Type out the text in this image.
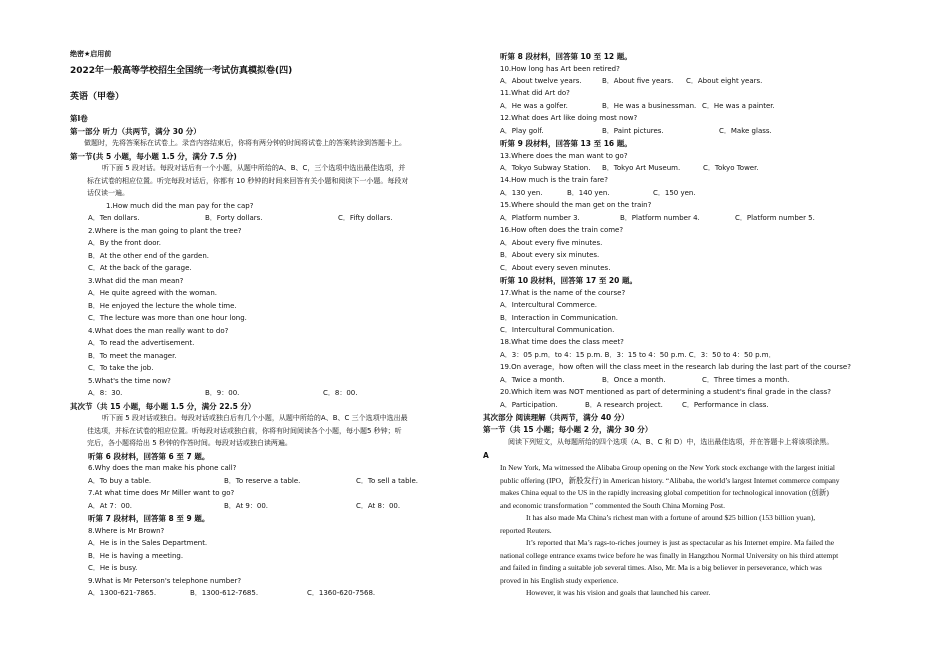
绝密★启用前
2022年一般高等学校招生全国统一考试仿真模拟卷(四)
英语（甲卷）
第Ⅰ卷
第一部分 听力（共两节，满分 30 分）
做题时，先将答案标在试卷上。录音内容结束后，你将有两分钟的时间将试卷上的答案转涂到答题卡上。
第一节(共 5 小题，每小题 1.5 分，满分 7.5 分)
听下面 5 段对话。每段对话后有一个小题，从题中所给的A、B、C，三个选项中选出最佳选项，并
标在试卷的相应位置。听完每段对话后，你都有 10 秒钟的时间来回答有关小题和阅读下一小题。每段对
话仅读一遍。
1.How much did the man pay for the cap?
A．Ten dollars.	B．Forty dollars.	C．Fifty dollars.
2.Where is the man going to plant the tree?
A．By the front door.
B．At the other end of the garden.
C．At the back of the garage.
3.What did the man mean?
A．He quite agreed with the woman.
B．He enjoyed the lecture the whole time.
C．The lecture was more than one hour long.
4.What does the man really want to do?
A．To read the advertisement.
B．To meet the manager.
C．To take the job.
5.What's the time now?
A．8：30.	B．9：00.	C．8：00.
其次节（共 15 小题，每小题 1.5 分，满分 22.5 分）
听下面 5 段对话或独白。每段对话或独白后有几个小题，从题中所给的A、B、C 三个选项中选出最
佳选项，并标在试卷的相应位置。听每段对话或独白前，你将有时间阅读各个小题，每小题5 秒钟；听
完后，各小题将给出 5 秒钟的作答时间。每段对话或独白读两遍。
听第 6 段材料，回答第 6 至 7 题。
6.Why does the man make his phone call?
A．To buy a table.	B．To reserve a table.	C．To sell a table.
7.At what time does Mr Miller want to go?
A．At 7：00.	B．At 9：00.	C．At 8：00.
听第 7 段材料，回答第 8 至 9 题。
8.Where is Mr Brown?
A．He is in the Sales Department.
B．He is having a meeting.
C．He is busy.
9.What is Mr Peterson's telephone number?
A．1300-621-7865.	B．1300-612-7685.	C．1360-620-7568.
听第 8 段材料，回答第 10 至 12 题。
10.How long has Art been retired?
A．About twelve years.	B．About five years. C．About eight years.
11.What did Art do?
A．He was a golfer.	B．He was a businessman. C．He was a painter.
12.What does Art like doing most now?
A．Play golf.	B．Paint pictures.	C．Make glass.
听第 9 段材料，回答第 13 至 16 题。
13.Where does the man want to go?
A．Tokyo Subway Station. B．Tokyo Art Museum.	C．Tokyo Tower.
14.How much is the train fare?
A．130 yen.	B．140 yen.	C．150 yen.
15.Where should the man get on the train?
A．Platform number 3.	B．Platform number 4.	C．Platform number 5.
16.How often does the train come?
A．About every five minutes.
B．About every six minutes.
C．About every seven minutes.
听第 10 段材料，回答第 17 至 20 题。
17.What is the name of the course?
A．Intercultural Commerce.
B．Interaction in Communication.
C．Intercultural Communication.
18.What time does the class meet?
A．3：05 p.m．to 4：15 p.m. B．3：15 to 4：50 p.m. C．3：50 to 4：50 p.m．
19.On average，how often will the class meet in the research lab during the last part of the course?
A．Twice a month.	B．Once a month.	C．Three times a month.
20.Which item was NOT mentioned as part of determining a student's final grade in the class?
A．Participation.	B．A research project.	C．Performance in class.
其次部分 阅读理解（共两节，满分 40 分）
第一节（共 15 小题；每小题 2 分，满分 30 分）
阅读下列短文，从每题所给的四个选项（A、B、C 和 D）中，选出最佳选项，并在答题卡上将该项涂黑。
A
In New York, Ma witnessed the Alibaba Group opening on the New York stock exchange with the largest initial
public offering (IPO，新股发行) in American history. “Alibaba, the world’s largest Internet commerce company
makes China equal to the US in the rapidly increasing global competition for technological innovation (创新)
and economic transformation ” commented the South China Morning Post.
It has also made Ma China’s richest man with a fortune of around $25 billion (153 billion yuan),
reported Reuters.
It’s reported that Ma’s rags-to-riches journey is just as spectacular as his Internet empire. Ma failed the
national college entrance exams twice before he was finally in Hangzhou Normal University on his third attempt
and failed in finding a suitable job several times. Also, Mr. Ma is a big believer in perseverance, which was
proved in his English study experience.
However, it was his vision and goals that launched his career.
